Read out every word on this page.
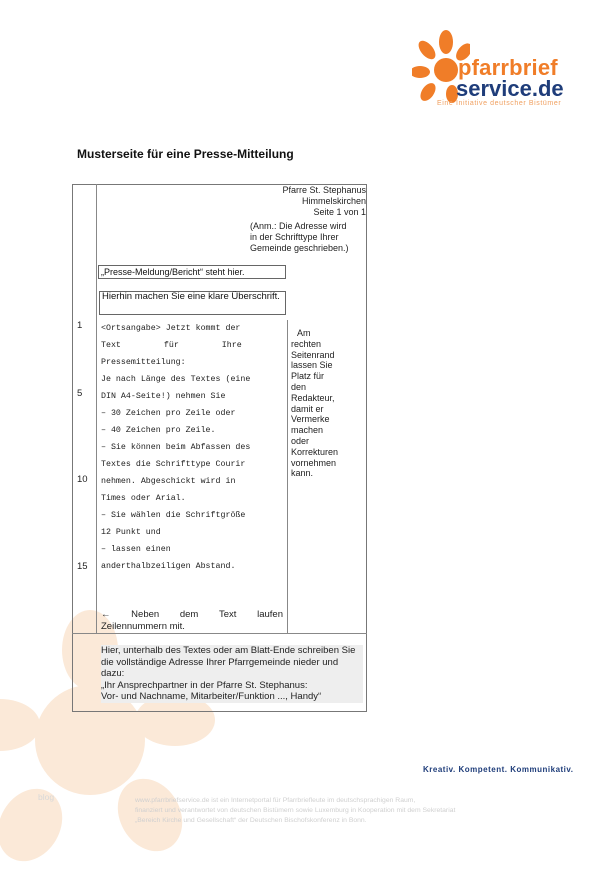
pfarrbrief
service.de
Eine Initiative deutscher Bistümer
Musterseite für eine Presse-Mitteilung
Pfarre St. Stephanus
Himmelskirchen
Seite 1 von 1
(Anm.: Die Adresse wird in der Schrifttype Ihrer Gemeinde geschrieben.)
„Presse-Meldung/Bericht“ steht hier.
Hierhin machen Sie eine klare Überschrift.
1
5
10
15
<Ortsangabe> Jetzt kommt der
Text für Ihre
Pressemitteilung:
Je nach Länge des Textes (eine
DIN A4-Seite!) nehmen Sie
– 30 Zeichen pro Zeile oder
– 40 Zeichen pro Zeile.
– Sie können beim Abfassen des
Textes die Schrifttype Courir
nehmen. Abgeschickt wird in
Times oder Arial.
– Sie wählen die Schriftgröße
12 Punkt und
– lassen einen
anderthalbzeiligen Abstand.
Am
rechten
Seitenrand
lassen Sie
Platz für
den
Redakteur,
damit er
Vermerke
machen
oder
Korrekturen
vornehmen
kann.
← Neben dem Text laufen
Zeilennummern mit.
Hier, unterhalb des Textes oder am Blatt-Ende schreiben Sie die vollständige Adresse Ihrer Pfarrgemeinde nieder und dazu:
„Ihr Ansprechpartner in der Pfarre St. Stephanus:
Vor- und Nachname, Mitarbeiter/Funktion ..., Handy“
Kreativ. Kompetent. Kommunikativ.
blog	www.pfarrbriefservice.de ist ein Internetportal für Pfarrbriefleute im deutschsprachigen Raum,
finanziert und verantwortet von deutschen Bistümern sowie Luxemburg in Kooperation mit dem Sekretariat
„Bereich Kirche und Gesellschaft“ der Deutschen Bischofskonferenz in Bonn.
